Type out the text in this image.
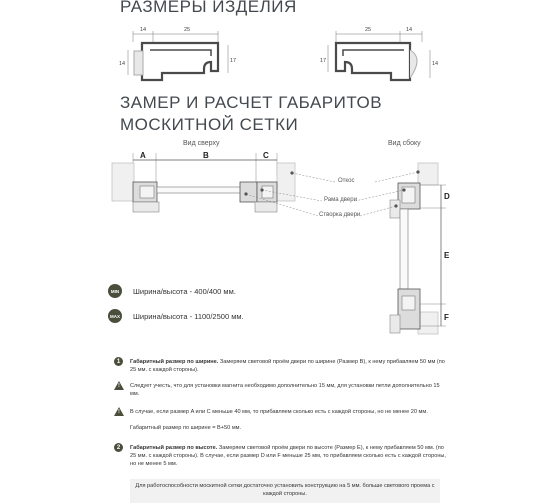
РАЗМЕРЫ ИЗДЕЛИЯ
14	25
14	17
25	14
17	14
A	B	C
D
E
F
ЗАМЕР И РАСЧЕТ ГАБАРИТОВ МОСКИТНОЙ СЕТКИ
Вид сверху	Вид сбоку
Откос
Рама двери
Створка двери
MIN	Ширина/высота - 400/400 мм.
MAX Ширина/высота - 1100/2500 мм.
1	Габаритный размер по ширине. Замеряем световой проём двери по ширине (Размер B), к нему прибавляем 50 мм (по 25 мм. с каждой стороны).
! Следует учесть, что для установки магнита необходимо дополнительно 15 мм, для установки петли дополнительно 15 мм.
! В случае, если размер A или C меньше 40 мм, то прибавляем сколько есть с каждой стороны, но не менее 20 мм.
Габаритный размер по ширине = B+50 мм.
2	Габаритный размер по высоте. Замеряем световой проём двери по высоте (Размер E), к нему прибавляем 50 мм. (по 25 мм. с каждой стороны). В случае, если размер D или F меньше 25 мм, то прибавляем сколько есть с каждой стороны, но не менее 5 мм.
Для работоспособности москитной сетки достаточно установить конструкцию на 5 мм. больше светового проема с каждой стороны.
